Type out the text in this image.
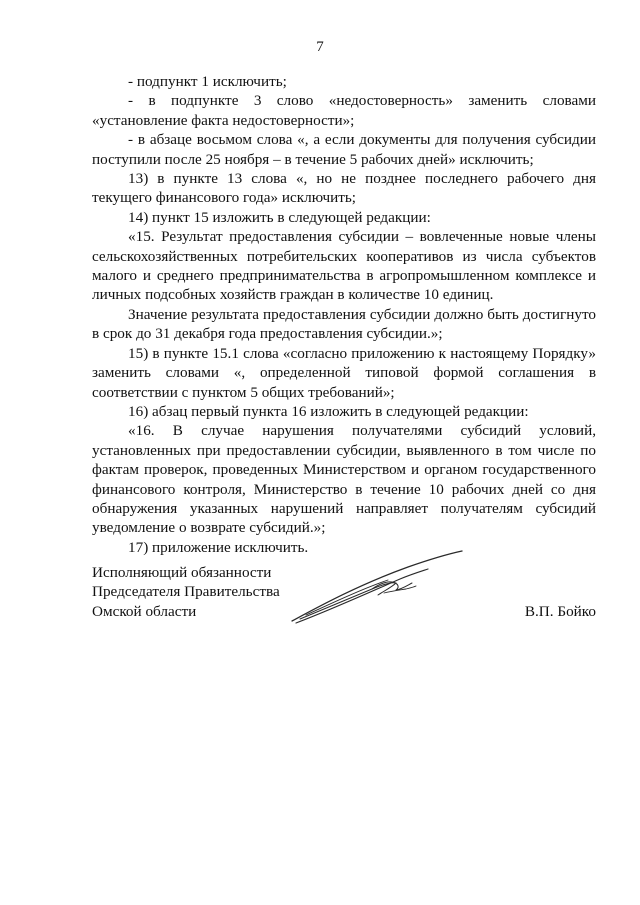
7

- подпункт 1 исключить;

- в подпункте 3 слово «недостоверность» заменить словами «установление факта недостоверности»;

- в абзаце восьмом слова «, а если документы для получения субсидии поступили после 25 ноября – в течение 5 рабочих дней» исключить;

13) в пункте 13 слова «, но не позднее последнего рабочего дня текущего финансового года» исключить;

14) пункт 15 изложить в следующей редакции:

«15. Результат предоставления субсидии – вовлеченные новые члены сельскохозяйственных потребительских кооперативов из числа субъектов малого и среднего предпринимательства в агропромышленном комплексе и личных подсобных хозяйств граждан в количестве 10 единиц.

Значение результата предоставления субсидии должно быть достигнуто в срок до 31 декабря года предоставления субсидии.»;

15) в пункте 15.1 слова «согласно приложению к настоящему Порядку» заменить словами «, определенной типовой формой соглашения в соответствии с пунктом 5 общих требований»;

16) абзац первый пункта 16 изложить в следующей редакции:

«16. В случае нарушения получателями субсидий условий, установленных при предоставлении субсидии, выявленного в том числе по фактам проверок, проведенных Министерством и органом государственного финансового контроля, Министерство в течение 10 рабочих дней со дня обнаружения указанных нарушений направляет получателям субсидий уведомление о возврате субсидий.»;

17) приложение исключить.

Исполняющий обязанности
Председателя Правительства
Омской области	В.П. Бойко
